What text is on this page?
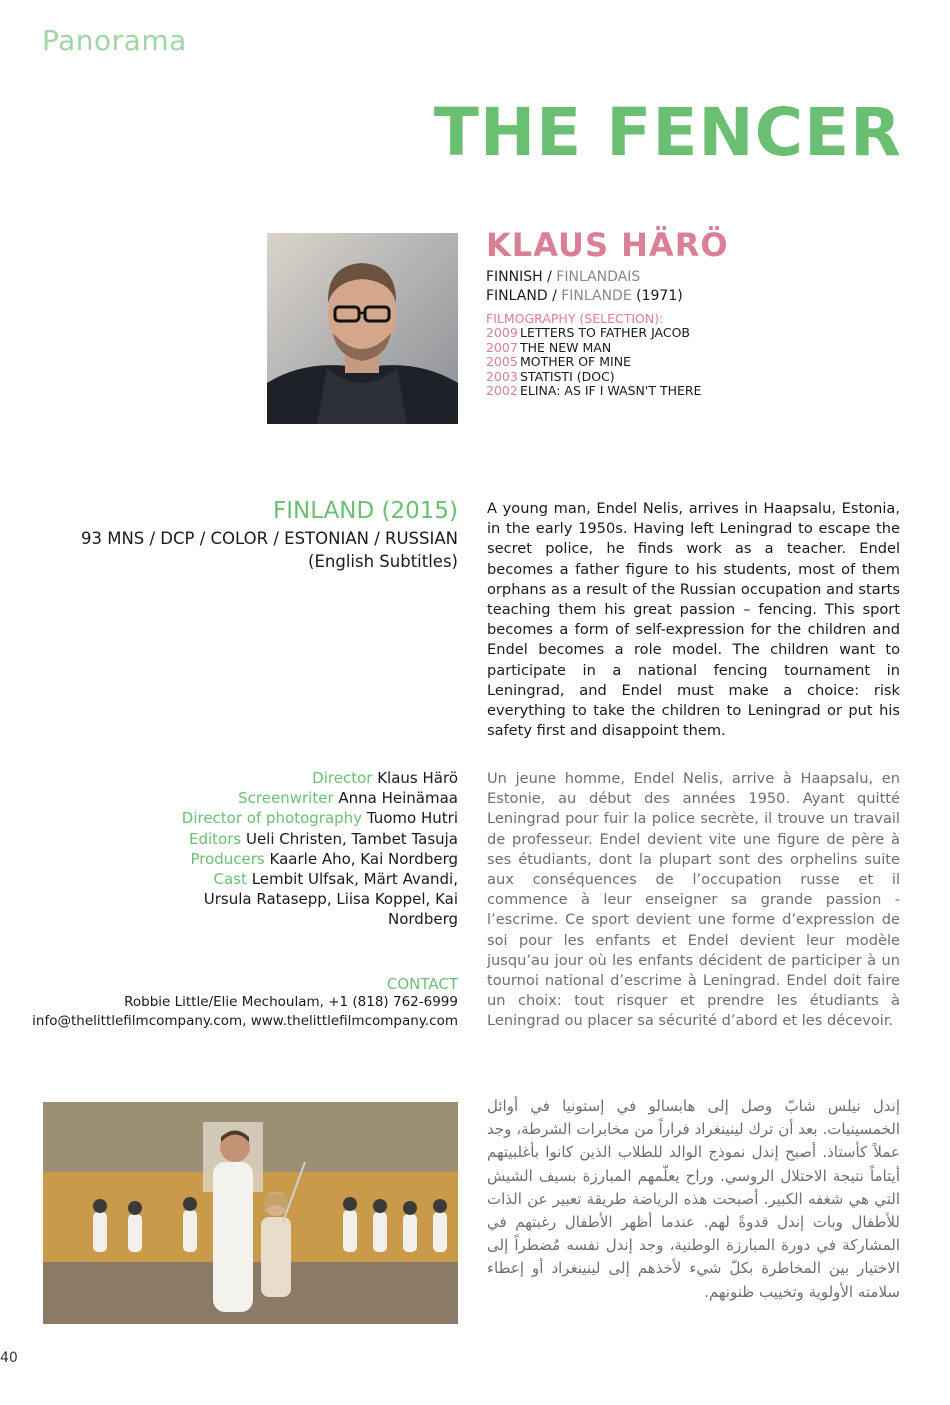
Panorama
THE FENCER
KLAUS HÄRÖ
FINNISH / FINLANDAIS
FINLAND / FINLANDE (1971)
FILMOGRAPHY (SELECTION):
2009 LETTERS TO FATHER JACOB
2007 THE NEW MAN
2005 MOTHER OF MINE
2003 STATISTI (DOC)
2002 ELINA: AS IF I WASN'T THERE
FINLAND (2015)
93 MNS / DCP / COLOR / ESTONIAN / RUSSIAN
(English Subtitles)
A young man, Endel Nelis, arrives in Haapsalu, Estonia, in the early 1950s. Having left Leningrad to escape the secret police, he finds work as a teacher. Endel becomes a father figure to his students, most of them orphans as a result of the Russian occupation and starts teaching them his great passion – fencing. This sport becomes a form of self-expression for the children and Endel becomes a role model. The children want to participate in a national fencing tournament in Leningrad, and Endel must make a choice: risk everything to take the children to Leningrad or put his safety first and disappoint them.
Director Klaus Härö
Screenwriter Anna Heinämaa
Director of photography Tuomo Hutri
Editors Ueli Christen, Tambet Tasuja
Producers Kaarle Aho, Kai Nordberg
Cast Lembit Ulfsak, Märt Avandi, Ursula Ratasepp, Liisa Koppel, Kai Nordberg
Un jeune homme, Endel Nelis, arrive à Haapsalu, en Estonie, au début des années 1950. Ayant quitté Leningrad pour fuir la police secrète, il trouve un travail de professeur. Endel devient vite une figure de père à ses étudiants, dont la plupart sont des orphelins suite aux conséquences de l’occupation russe et il commence à leur enseigner sa grande passion - l’escrime. Ce sport devient une forme d’expression de soi pour les enfants et Endel devient leur modèle jusqu’au jour où les enfants décident de participer à un tournoi national d’escrime à Leningrad. Endel doit faire un choix: tout risquer et prendre les étudiants à Leningrad ou placer sa sécurité d’abord et les décevoir.
CONTACT
Robbie Little/Elie Mechoulam, +1 (818) 762-6999
info@thelittlefilmcompany.com, www.thelittlefilmcompany.com
إندل نيلس شابّ وصل إلى هابسالو في إستونيا في أوائل الخمسينيات. بعد أن ترك لينينغراد فراراً من مخابرات الشرطة، وجد عملاً كأستاذ. أصبح إندل نموذج الوالد للطلاب الذين كانوا بأغلبيتهم أيتاماً نتيجة الاحتلال الروسي. وراح يعلّمهم المبارزة بسيف الشيش التي هي شغفه الكبير. أصبحت هذه الرياضة طريقة تعبير عن الذات للأطفال وبات إندل قدوةً لهم. عندما أظهر الأطفال رغبتهم في المشاركة في دورة المبارزة الوطنية، وجد إندل نفسه مُضطراً إلى الاختيار بين المخاطرة بكلّ شيء لأخذهم إلى لينينغراد أو إعطاء سلامته الأولوية وتخييب ظنونهم.
40
